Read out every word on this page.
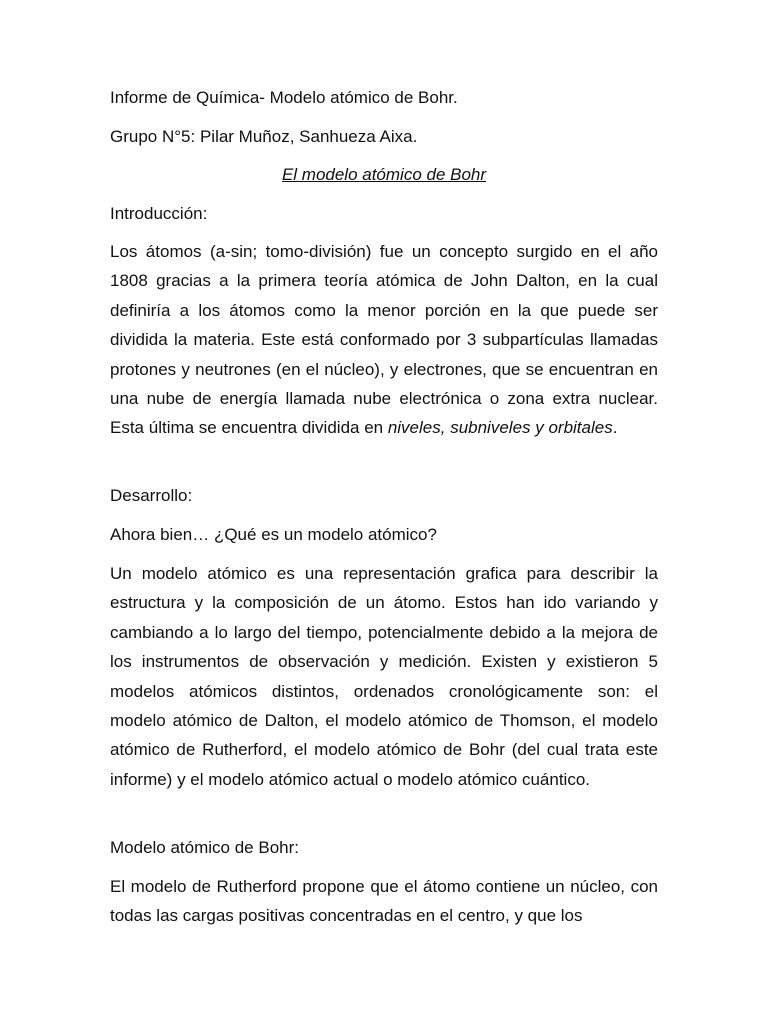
Informe de Química- Modelo atómico de Bohr.

Grupo N°5: Pilar Muñoz, Sanhueza Aixa.

El modelo atómico de Bohr

Introducción:

Los átomos (a-sin; tomo-división) fue un concepto surgido en el año 1808 gracias a la primera teoría atómica de John Dalton, en la cual definiría a los átomos como la menor porción en la que puede ser dividida la materia. Este está conformado por 3 subpartículas llamadas protones y neutrones (en el núcleo), y electrones, que se encuentran en una nube de energía llamada nube electrónica o zona extra nuclear. Esta última se encuentra dividida en niveles, subniveles y orbitales.

Desarrollo:

Ahora bien… ¿Qué es un modelo atómico?

Un modelo atómico es una representación grafica para describir la estructura y la composición de un átomo. Estos han ido variando y cambiando a lo largo del tiempo, potencialmente debido a la mejora de los instrumentos de observación y medición. Existen y existieron 5 modelos atómicos distintos, ordenados cronológicamente son: el modelo atómico de Dalton, el modelo atómico de Thomson, el modelo atómico de Rutherford, el modelo atómico de Bohr (del cual trata este informe) y el modelo atómico actual o modelo atómico cuántico.

Modelo atómico de Bohr:

El modelo de Rutherford propone que el átomo contiene un núcleo, con todas las cargas positivas concentradas en el centro, y que los
